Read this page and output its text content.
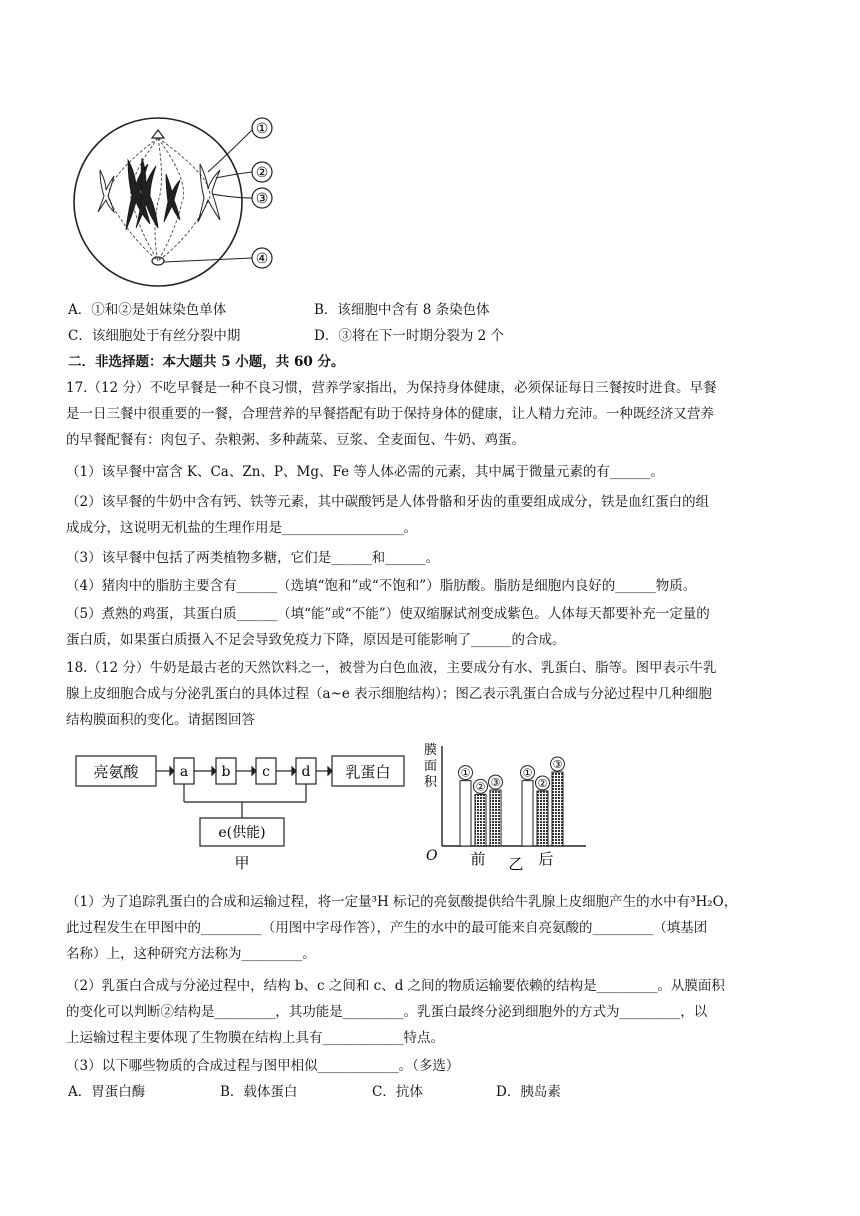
①
②
③
④
A．①和②是姐妹染色单体	B．该细胞中含有 8 条染色体
C．该细胞处于有丝分裂中期	D．③将在下一时期分裂为 2 个
二．非选择题：本大题共 5 小题，共 60 分。
17.（12 分）不吃早餐是一种不良习惯，营养学家指出，为保持身体健康，必须保证每日三餐按时进食。早餐
是一日三餐中很重要的一餐，合理营养的早餐搭配有助于保持身体的健康，让人精力充沛。一种既经济又营养
的早餐配餐有：肉包子、杂粮粥、多种蔬菜、豆浆、全麦面包、牛奶、鸡蛋。
（1）该早餐中富含 K、Ca、Zn、P、Mg、Fe 等人体必需的元素，其中属于微量元素的有______。
（2）该早餐的牛奶中含有钙、铁等元素，其中碳酸钙是人体骨骼和牙齿的重要组成成分，铁是血红蛋白的组
成成分，这说明无机盐的生理作用是__________________。
（3）该早餐中包括了两类植物多糖，它们是______和______。
（4）猪肉中的脂肪主要含有______（选填“饱和”或“不饱和”）脂肪酸。脂肪是细胞内良好的______物质。
（5）煮熟的鸡蛋，其蛋白质______（填“能”或“不能”）使双缩脲试剂变成紫色。人体每天都要补充一定量的
蛋白质，如果蛋白质摄入不足会导致免疫力下降，原因是可能影响了______的合成。
18.（12 分）牛奶是最古老的天然饮料之一，被誉为白色血液，主要成分有水、乳蛋白、脂等。图甲表示牛乳
腺上皮细胞合成与分泌乳蛋白的具体过程（a~e 表示细胞结构）；图乙表示乳蛋白合成与分泌过程中几种细胞
结构膜面积的变化。请据图回答
亮氨酸	a b c d 乳蛋白
e(供能)
甲
膜
面
积
O
①
② ③
①
②
③
前	后
乙
（1）为了追踪乳蛋白的合成和运输过程，将一定量³H 标记的亮氨酸提供给牛乳腺上皮细胞产生的水中有³H₂O，
此过程发生在甲图中的_________（用图中字母作答），产生的水中的最可能来自亮氨酸的_________（填基团
名称）上，这种研究方法称为_________。
（2）乳蛋白合成与分泌过程中，结构 b、c 之间和 c、d 之间的物质运输要依赖的结构是_________。从膜面积
的变化可以判断②结构是_________，其功能是_________。乳蛋白最终分泌到细胞外的方式为_________，以
上运输过程主要体现了生物膜在结构上具有____________特点。
（3）以下哪些物质的合成过程与图甲相似____________。（多选）
A．胃蛋白酶	B．载体蛋白	C．抗体	D．胰岛素
